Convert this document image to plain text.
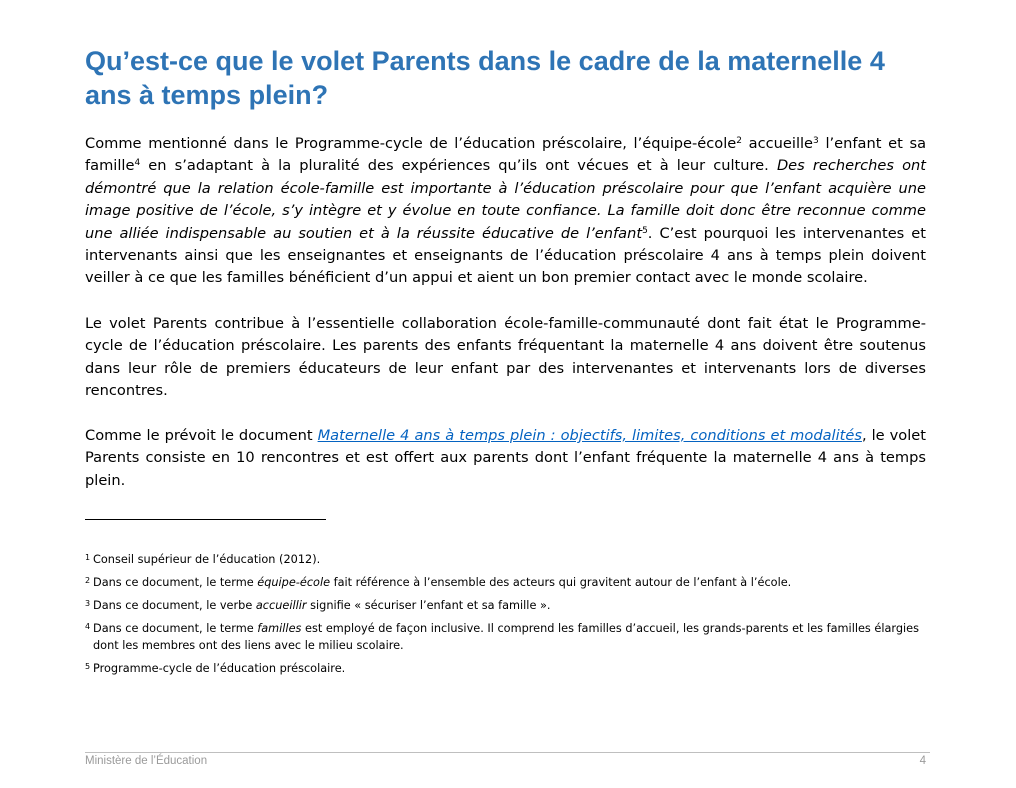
Qu’est-ce que le volet Parents dans le cadre de la maternelle 4 ans à temps plein?

Comme mentionné dans le Programme-cycle de l’éducation préscolaire, l’équipe-école$^2$ accueille$^3$ l’enfant et sa famille$^4$ en s’adaptant à la pluralité des expériences qu’ils ont vécues et à leur culture. Des recherches ont démontré que la relation école-famille est importante à l’éducation préscolaire pour que l’enfant acquière une image positive de l’école, s’y intègre et y évolue en toute confiance. La famille doit donc être reconnue comme une alliée indispensable au soutien et à la réussite éducative de l’enfant$^5$. C’est pourquoi les intervenantes et intervenants ainsi que les enseignantes et enseignants de l’éducation préscolaire 4 ans à temps plein doivent veiller à ce que les familles bénéficient d’un appui et aient un bon premier contact avec le monde scolaire.

Le volet Parents contribue à l’essentielle collaboration école-famille-communauté dont fait état le Programme-cycle de l’éducation préscolaire. Les parents des enfants fréquentant la maternelle 4 ans doivent être soutenus dans leur rôle de premiers éducateurs de leur enfant par des intervenantes et intervenants lors de diverses rencontres.

Comme le prévoit le document Maternelle 4 ans à temps plein : objectifs, limites, conditions et modalités, le volet Parents consiste en 10 rencontres et est offert aux parents dont l’enfant fréquente la maternelle 4 ans à temps plein.

1 Conseil supérieur de l’éducation (2012).
2 Dans ce document, le terme équipe-école fait référence à l’ensemble des acteurs qui gravitent autour de l’enfant à l’école.
3 Dans ce document, le verbe accueillir signifie « sécuriser l’enfant et sa famille ».
4 Dans ce document, le terme familles est employé de façon inclusive. Il comprend les familles d’accueil, les grands-parents et les familles élargies dont les membres ont des liens avec le milieu scolaire.
5 Programme-cycle de l’éducation préscolaire.
Ministère de l’Éducation	4
